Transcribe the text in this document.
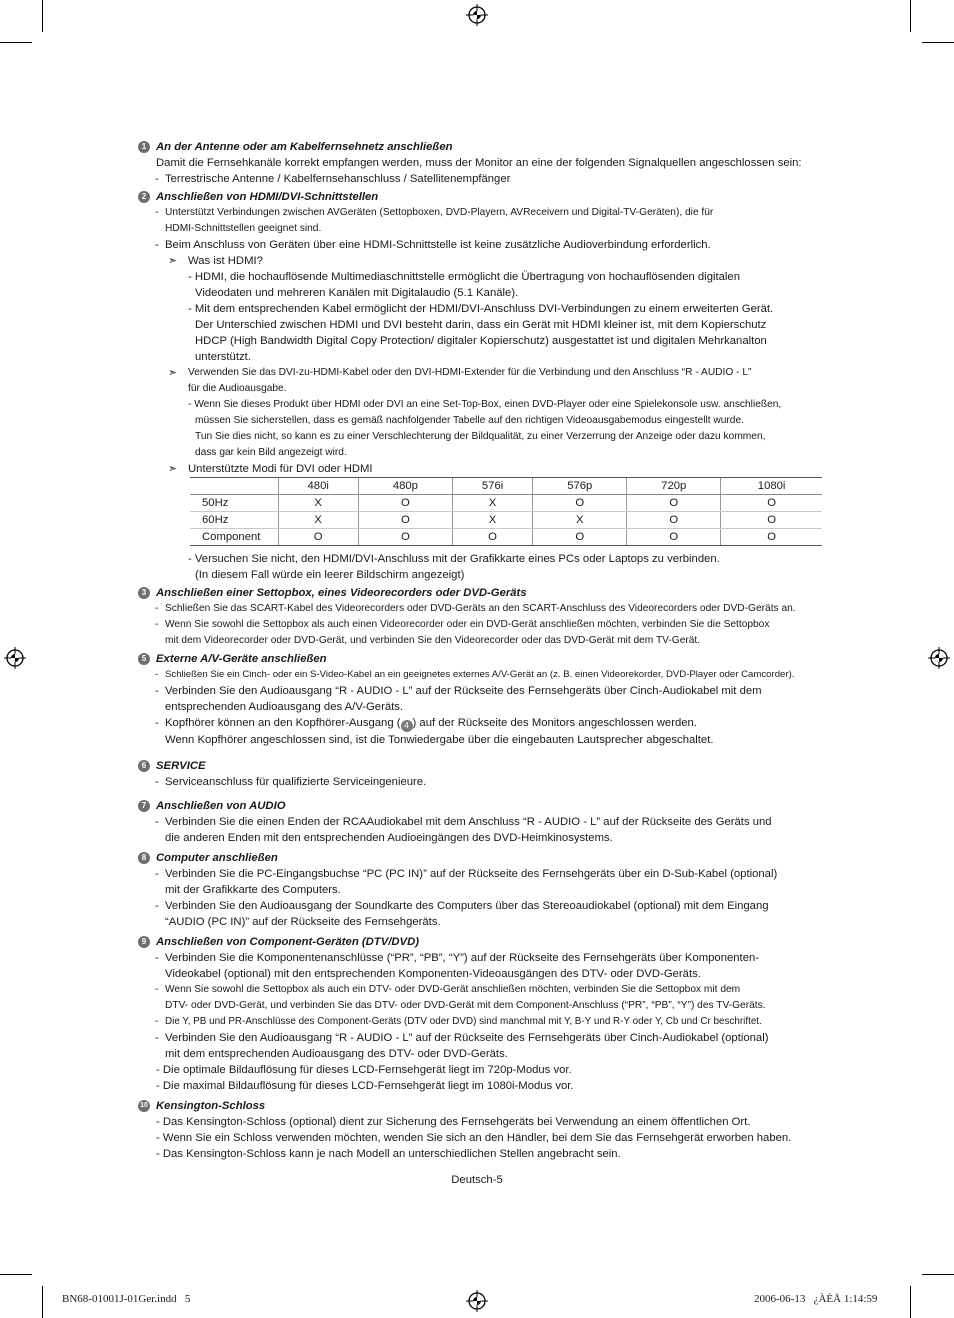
1 An der Antenne oder am Kabelfernsehnetz anschließen
Damit die Fernsehkanäle korrekt empfangen werden, muss der Monitor an eine der folgenden Signalquellen angeschlossen sein:
- Terrestrische Antenne / Kabelfernsehanschluss / Satellitenempfänger
2 Anschließen von HDMI/DVI-Schnittstellen
- Unterstützt Verbindungen zwischen AVGeräten (Settopboxen, DVD-Playern, AVReceivern und Digital-TV-Geräten), die für
HDMI-Schnittstellen geeignet sind.
- Beim Anschluss von Geräten über eine HDMI-Schnittstelle ist keine zusätzliche Audioverbindung erforderlich.
➣ Was ist HDMI?
- HDMI, die hochauflösende Multimediaschnittstelle ermöglicht die Übertragung von hochauflösenden digitalen
Videodaten und mehreren Kanälen mit Digitalaudio (5.1 Kanäle).
- Mit dem entsprechenden Kabel ermöglicht der HDMI/DVI-Anschluss DVI-Verbindungen zu einem erweiterten Gerät.
Der Unterschied zwischen HDMI und DVI besteht darin, dass ein Gerät mit HDMI kleiner ist, mit dem Kopierschutz
HDCP (High Bandwidth Digital Copy Protection/ digitaler Kopierschutz) ausgestattet ist und digitalen Mehrkanalton
unterstützt.
➣ Verwenden Sie das DVI-zu-HDMI-Kabel oder den DVI-HDMI-Extender für die Verbindung und den Anschluss “R - AUDIO - L”
für die Audioausgabe.
- Wenn Sie dieses Produkt über HDMI oder DVI an eine Set-Top-Box, einen DVD-Player oder eine Spielekonsole usw. anschließen,
müssen Sie sicherstellen, dass es gemäß nachfolgender Tabelle auf den richtigen Videoausgabemodus eingestellt wurde.
Tun Sie dies nicht, so kann es zu einer Verschlechterung der Bildqualität, zu einer Verzerrung der Anzeige oder dazu kommen,
dass gar kein Bild angezeigt wird.
➣ Unterstützte Modi für DVI oder HDMI
	480i	480p	576i	576p	720p	1080i
50Hz	X	O	X	O	O	O
60Hz	X	O	X	X	O	O
Component	O	O	O	O	O	O
- Versuchen Sie nicht, den HDMI/DVI-Anschluss mit der Grafikkarte eines PCs oder Laptops zu verbinden.
(In diesem Fall würde ein leerer Bildschirm angezeigt)
3 Anschließen einer Settopbox, eines Videorecorders oder DVD-Geräts
- Schließen Sie das SCART-Kabel des Videorecorders oder DVD-Geräts an den SCART-Anschluss des Videorecorders oder DVD-Geräts an.
- Wenn Sie sowohl die Settopbox als auch einen Videorecorder oder ein DVD-Gerät anschließen möchten, verbinden Sie die Settopbox
mit dem Videorecorder oder DVD-Gerät, und verbinden Sie den Videorecorder oder das DVD-Gerät mit dem TV-Gerät.
5 Externe A/V-Geräte anschließen
- Schließen Sie ein Cinch- oder ein S-Video-Kabel an ein geeignetes externes A/V-Gerät an (z. B. einen Videorekorder, DVD-Player oder Camcorder).
- Verbinden Sie den Audioausgang “R - AUDIO - L” auf der Rückseite des Fernsehgeräts über Cinch-Audiokabel mit dem
entsprechenden Audioausgang des A/V-Geräts.
- Kopfhörer können an den Kopfhörer-Ausgang ( 4 ) auf der Rückseite des Monitors angeschlossen werden.
Wenn Kopfhörer angeschlossen sind, ist die Tonwiedergabe über die eingebauten Lautsprecher abgeschaltet.
6 SERVICE
- Serviceanschluss für qualifizierte Serviceingenieure.
7 Anschließen von AUDIO
- Verbinden Sie die einen Enden der RCAAudiokabel mit dem Anschluss “R - AUDIO - L” auf der Rückseite des Geräts und
die anderen Enden mit den entsprechenden Audioeingängen des DVD-Heimkinosystems.
8 Computer anschließen
- Verbinden Sie die PC-Eingangsbuchse “PC (PC IN)” auf der Rückseite des Fernsehgeräts über ein D-Sub-Kabel (optional)
mit der Grafikkarte des Computers.
- Verbinden Sie den Audioausgang der Soundkarte des Computers über das Stereoaudiokabel (optional) mit dem Eingang
“AUDIO (PC IN)” auf der Rückseite des Fernsehgeräts.
9 Anschließen von Component-Geräten (DTV/DVD)
- Verbinden Sie die Komponentenanschlüsse (“PR”, “PB”, “Y”) auf der Rückseite des Fernsehgeräts über Komponenten-
Videokabel (optional) mit den entsprechenden Komponenten-Videoausgängen des DTV- oder DVD-Geräts.
- Wenn Sie sowohl die Settopbox als auch ein DTV- oder DVD-Gerät anschließen möchten, verbinden Sie die Settopbox mit dem
DTV- oder DVD-Gerät, und verbinden Sie das DTV- oder DVD-Gerät mit dem Component-Anschluss (“PR”, “PB”, “Y”) des TV-Geräts.
- Die Y, PB und PR-Anschlüsse des Component-Geräts (DTV oder DVD) sind manchmal mit Y, B-Y und R-Y oder Y, Cb und Cr beschriftet.
- Verbinden Sie den Audioausgang “R - AUDIO - L” auf der Rückseite des Fernsehgeräts über Cinch-Audiokabel (optional)
mit dem entsprechenden Audioausgang des DTV- oder DVD-Geräts.
- Die optimale Bildauflösung für dieses LCD-Fernsehgerät liegt im 720p-Modus vor.
- Die maximal Bildauflösung für dieses LCD-Fernsehgerät liegt im 1080i-Modus vor.
10 Kensington-Schloss
- Das Kensington-Schloss (optional) dient zur Sicherung des Fernsehgeräts bei Verwendung an einem öffentlichen Ort.
- Wenn Sie ein Schloss verwenden möchten, wenden Sie sich an den Händler, bei dem Sie das Fernsehgerät erworben haben.
- Das Kensington-Schloss kann je nach Modell an unterschiedlichen Stellen angebracht sein.
Deutsch-5
BN68-01001J-01Ger.indd   5	2006-06-13   ¿ÀÈÄ 1:14:59
